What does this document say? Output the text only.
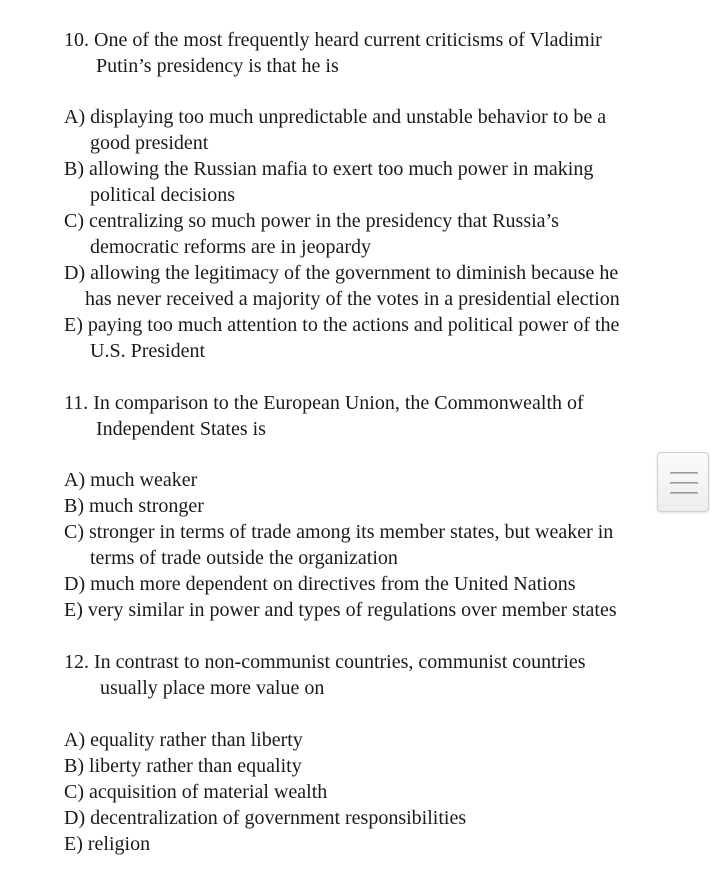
10. One of the most frequently heard current criticisms of Vladimir
Putin’s presidency is that he is
A) displaying too much unpredictable and unstable behavior to be a
good president
B) allowing the Russian mafia to exert too much power in making
political decisions
C) centralizing so much power in the presidency that Russia’s
democratic reforms are in jeopardy
D) allowing the legitimacy of the government to diminish because he
has never received a majority of the votes in a presidential election
E) paying too much attention to the actions and political power of the
U.S. President
11. In comparison to the European Union, the Commonwealth of
Independent States is
A) much weaker
B) much stronger
C) stronger in terms of trade among its member states, but weaker in
terms of trade outside the organization
D) much more dependent on directives from the United Nations
E) very similar in power and types of regulations over member states
12. In contrast to non-communist countries, communist countries
usually place more value on
A) equality rather than liberty
B) liberty rather than equality
C) acquisition of material wealth
D) decentralization of government responsibilities
E) religion
